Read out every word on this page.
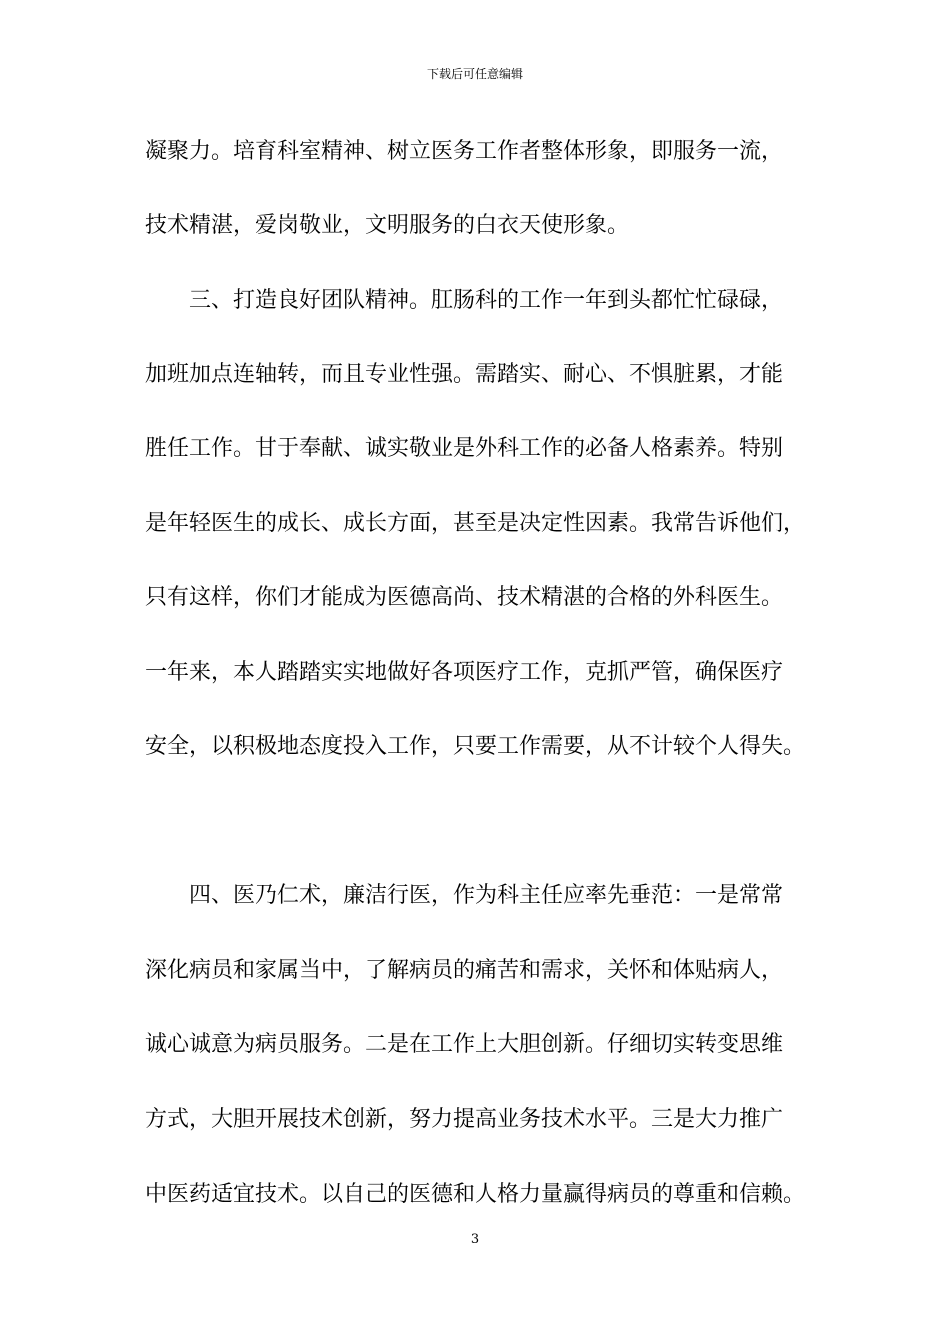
下载后可任意编辑
凝聚力。培育科室精神、树立医务工作者整体形象，即服务一流，
技术精湛，爱岗敬业，文明服务的白衣天使形象。
　　三、打造良好团队精神。肛肠科的工作一年到头都忙忙碌碌，
加班加点连轴转，而且专业性强。需踏实、耐心、不惧脏累，才能
胜任工作。甘于奉献、诚实敬业是外科工作的必备人格素养。特别
是年轻医生的成长、成长方面，甚至是决定性因素。我常告诉他们，
只有这样，你们才能成为医德高尚、技术精湛的合格的外科医生。
一年来，本人踏踏实实地做好各项医疗工作，克抓严管，确保医疗
安全，以积极地态度投入工作，只要工作需要，从不计较个人得失。
　　四、医乃仁术，廉洁行医，作为科主任应率先垂范：一是常常
深化病员和家属当中，了解病员的痛苦和需求，关怀和体贴病人，
诚心诚意为病员服务。二是在工作上大胆创新。仔细切实转变思维
方式，大胆开展技术创新，努力提高业务技术水平。三是大力推广
中医药适宜技术。以自己的医德和人格力量赢得病员的尊重和信赖。
3
